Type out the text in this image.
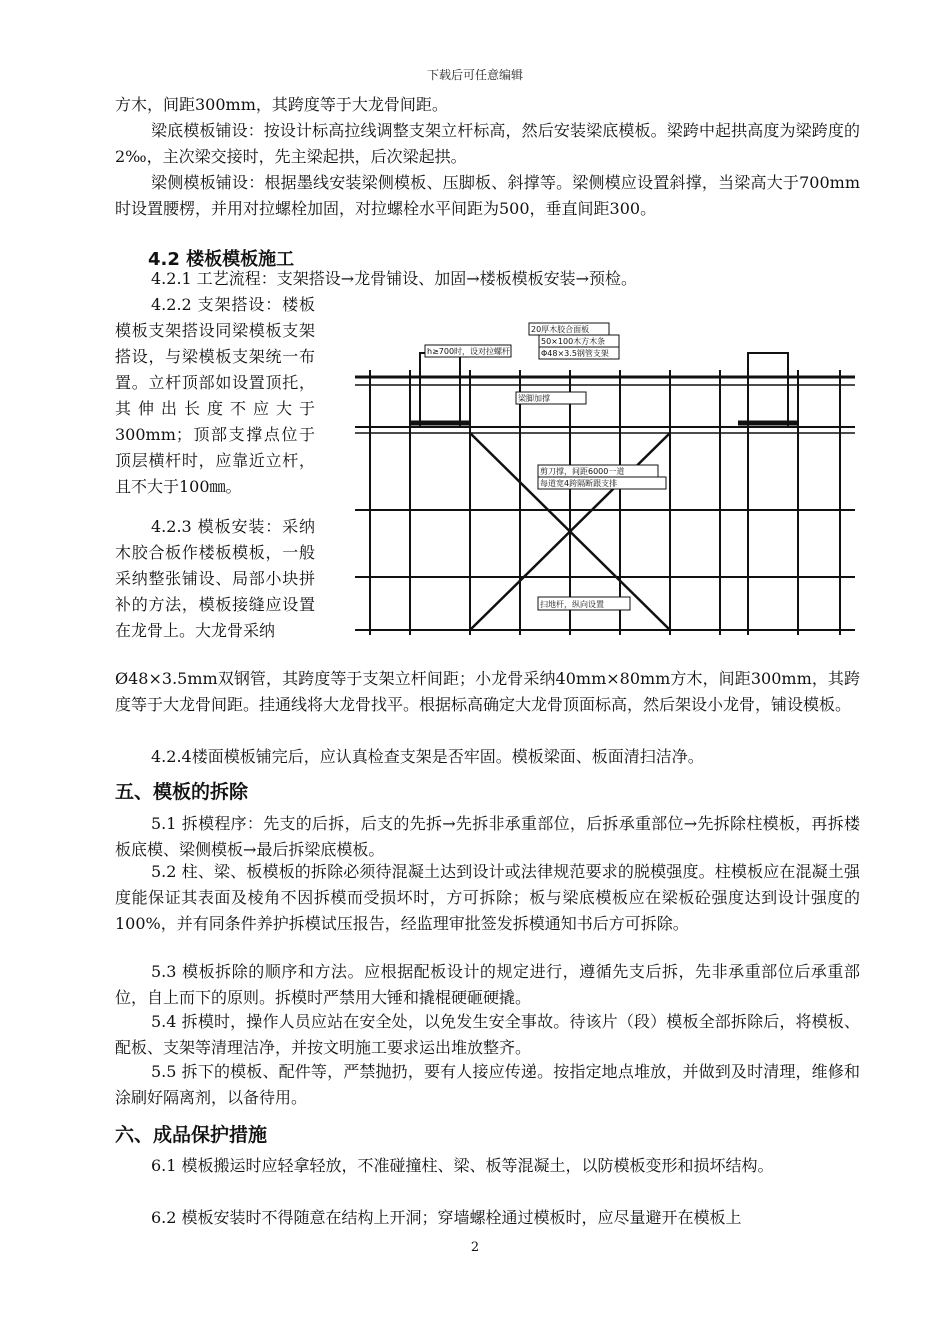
下载后可任意编辑

方木，间距300mm，其跨度等于大龙骨间距。

梁底模板铺设：按设计标高拉线调整支架立杆标高，然后安装梁底模板。梁跨中起拱高度为梁跨度的2‰，主次梁交接时，先主梁起拱，后次梁起拱。

梁侧模板铺设：根据墨线安装梁侧模板、压脚板、斜撑等。梁侧模应设置斜撑，当梁高大于700mm时设置腰楞，并用对拉螺栓加固，对拉螺栓水平间距为500，垂直间距300。

4.2 楼板模板施工

4.2.1 工艺流程：支架搭设→龙骨铺设、加固→楼板模板安装→预检。

4.2.2 支架搭设：楼板模板支架搭设同梁模板支架搭设，与梁模板支架统一布置。立杆顶部如设置顶托，其伸出长度不应大于300mm；顶部支撑点位于顶层横杆时，应靠近立杆，且不大于100㎜。

4.2.3 模板安装：采纳木胶合板作楼板模板，一般采纳整张铺设、局部小块拼补的方法，模板接缝应设置在龙骨上。大龙骨采纳

Ø48×3.5mm双钢管，其跨度等于支架立杆间距；小龙骨采纳40mm×80mm方木，间距300mm，其跨度等于大龙骨间距。挂通线将大龙骨找平。根据标高确定大龙骨顶面标高，然后架设小龙骨，铺设模板。

4.2.4楼面模板铺完后，应认真检查支架是否牢固。模板梁面、板面清扫洁净。

五、模板的拆除

5.1 拆模程序：先支的后拆，后支的先拆→先拆非承重部位，后拆承重部位→先拆除柱模板，再拆楼板底模、梁侧模板→最后拆梁底模板。

5.2 柱、梁、板模板的拆除必须待混凝土达到设计或法律规范要求的脱模强度。柱模板应在混凝土强度能保证其表面及棱角不因拆模而受损坏时，方可拆除；板与梁底模板应在梁板砼强度达到设计强度的100%，并有同条件养护拆模试压报告，经监理审批签发拆模通知书后方可拆除。

5.3 模板拆除的顺序和方法。应根据配板设计的规定进行，遵循先支后拆，先非承重部位后承重部位，自上而下的原则。拆模时严禁用大锤和撬棍硬砸硬撬。

5.4 拆模时，操作人员应站在安全处，以免发生安全事故。待该片（段）模板全部拆除后，将模板、配板、支架等清理洁净，并按文明施工要求运出堆放整齐。

5.5 拆下的模板、配件等，严禁抛扔，要有人接应传递。按指定地点堆放，并做到及时清理，维修和涂刷好隔离剂，以备待用。

六、成品保护措施

6.1 模板搬运时应轻拿轻放，不准碰撞柱、梁、板等混凝土，以防模板变形和损坏结构。

6.2 模板安装时不得随意在结构上开洞；穿墙螺栓通过模板时，应尽量避开在模板上

20厚木胶合面板
50×100木方木条
Φ48×3.5钢管支架
h≥700时，设对拉螺杆
梁脚加撑
剪刀撑，间距6000一道
每道宽4跨隔断跟支排
扫地杆，纵向设置
2
